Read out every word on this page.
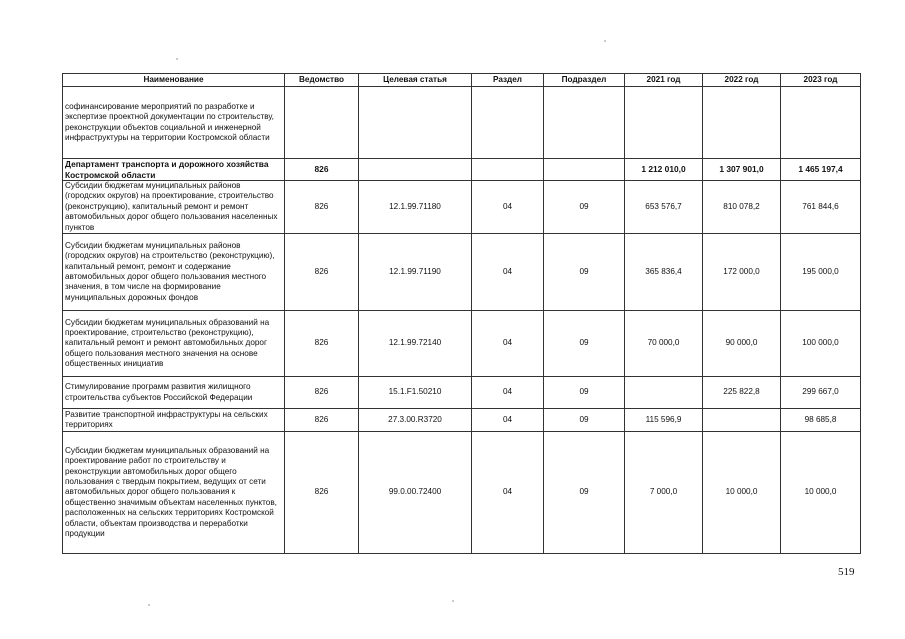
Наименование	Ведомство	Целевая статья	Раздел	Подраздел	2021 год	2022 год	2023 год
софинансирование мероприятий по разработке и экспертизе проектной документации по строительству, реконструкции объектов социальной и инженерной инфраструктуры на территории Костромской области							
Департамент транспорта и дорожного хозяйства Костромской области	826				1 212 010,0	1 307 901,0	1 465 197,4
Субсидии бюджетам муниципальных районов (городских округов) на проектирование, строительство (реконструкцию), капитальный ремонт и ремонт автомобильных дорог общего пользования населенных пунктов	826	12.1.99.71180	04	09	653 576,7	810 078,2	761 844,6
Субсидии бюджетам муниципальных районов (городских округов) на строительство (реконструкцию), капитальный ремонт, ремонт и содержание автомобильных дорог общего пользования местного значения, в том числе на формирование муниципальных дорожных фондов	826	12.1.99.71190	04	09	365 836,4	172 000,0	195 000,0
Субсидии бюджетам муниципальных образований на проектирование, строительство (реконструкцию), капитальный ремонт и ремонт автомобильных дорог общего пользования местного значения на основе общественных инициатив	826	12.1.99.72140	04	09	70 000,0	90 000,0	100 000,0
Стимулирование программ развития жилищного строительства субъектов Российской Федерации	826	15.1.F1.50210	04	09		225 822,8	299 667,0
Развитие транспортной инфраструктуры на сельских территориях	826	27.3.00.R3720	04	09	115 596,9		98 685,8
Субсидии бюджетам муниципальных образований на проектирование работ по строительству и реконструкции автомобильных дорог общего пользования с твердым покрытием, ведущих от сети автомобильных дорог общего пользования к общественно значимым объектам населенных пунктов, расположенных на сельских территориях Костромской области, объектам производства и переработки продукции	826	99.0.00.72400	04	09	7 000,0	10 000,0	10 000,0
519
